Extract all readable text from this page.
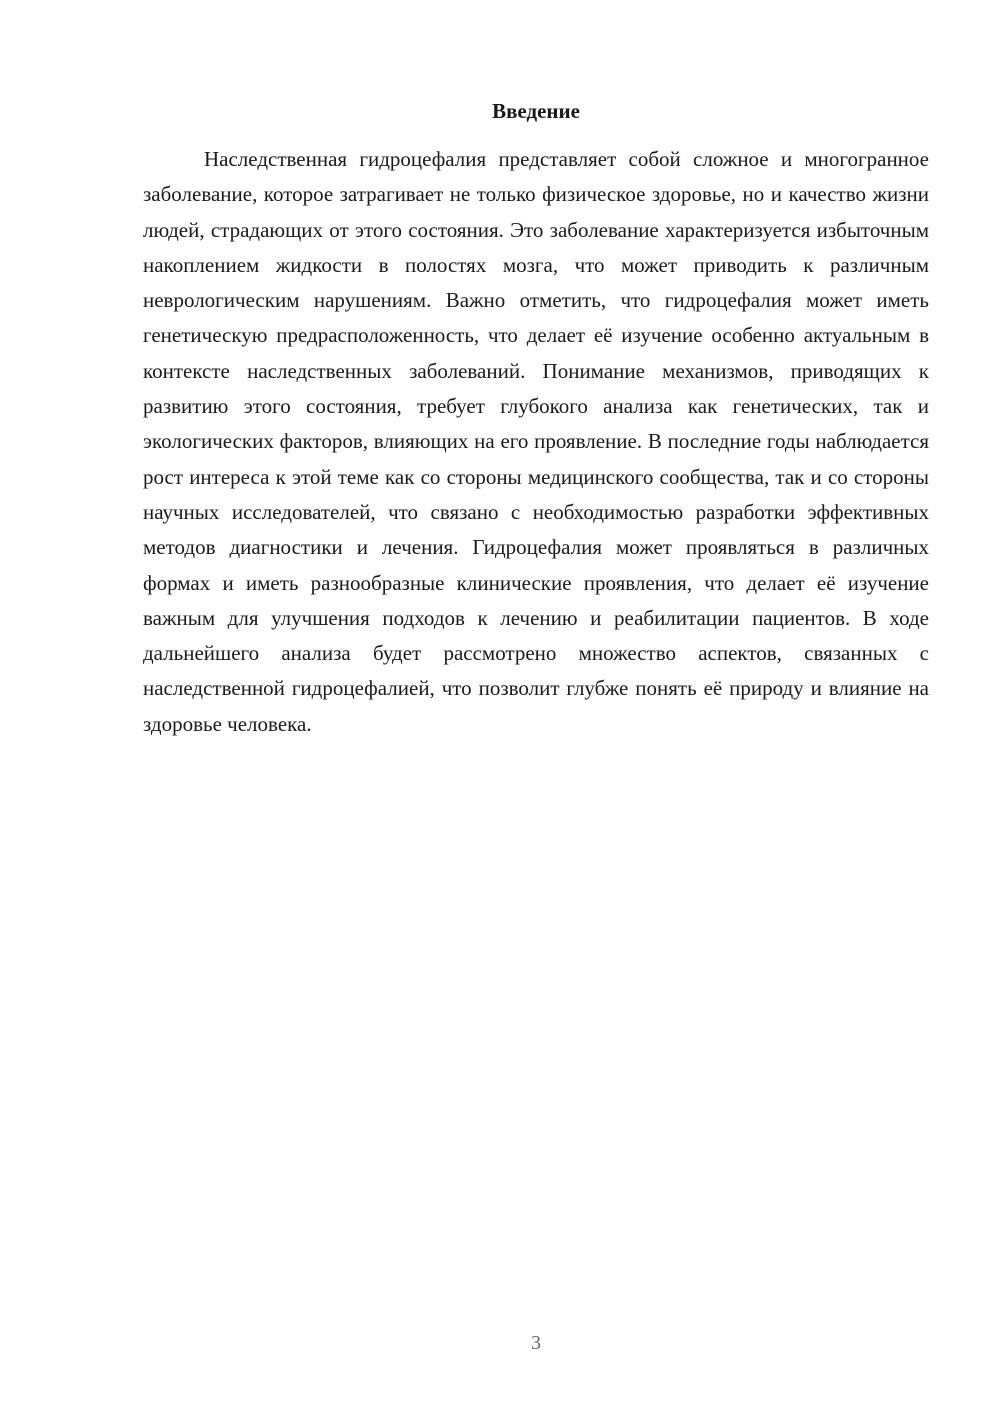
Введение

Наследственная гидроцефалия представляет собой сложное и многогранное заболевание, которое затрагивает не только физическое здоровье, но и качество жизни людей, страдающих от этого состояния. Это заболевание характеризуется избыточным накоплением жидкости в полостях мозга, что может приводить к различным неврологическим нарушениям. Важно отметить, что гидроцефалия может иметь генетическую предрасположенность, что делает её изучение особенно актуальным в контексте наследственных заболеваний. Понимание механизмов, приводящих к развитию этого состояния, требует глубокого анализа как генетических, так и экологических факторов, влияющих на его проявление. В последние годы наблюдается рост интереса к этой теме как со стороны медицинского сообщества, так и со стороны научных исследователей, что связано с необходимостью разработки эффективных методов диагностики и лечения. Гидроцефалия может проявляться в различных формах и иметь разнообразные клинические проявления, что делает её изучение важным для улучшения подходов к лечению и реабилитации пациентов. В ходе дальнейшего анализа будет рассмотрено множество аспектов, связанных с наследственной гидроцефалией, что позволит глубже понять её природу и влияние на здоровье человека.

3
